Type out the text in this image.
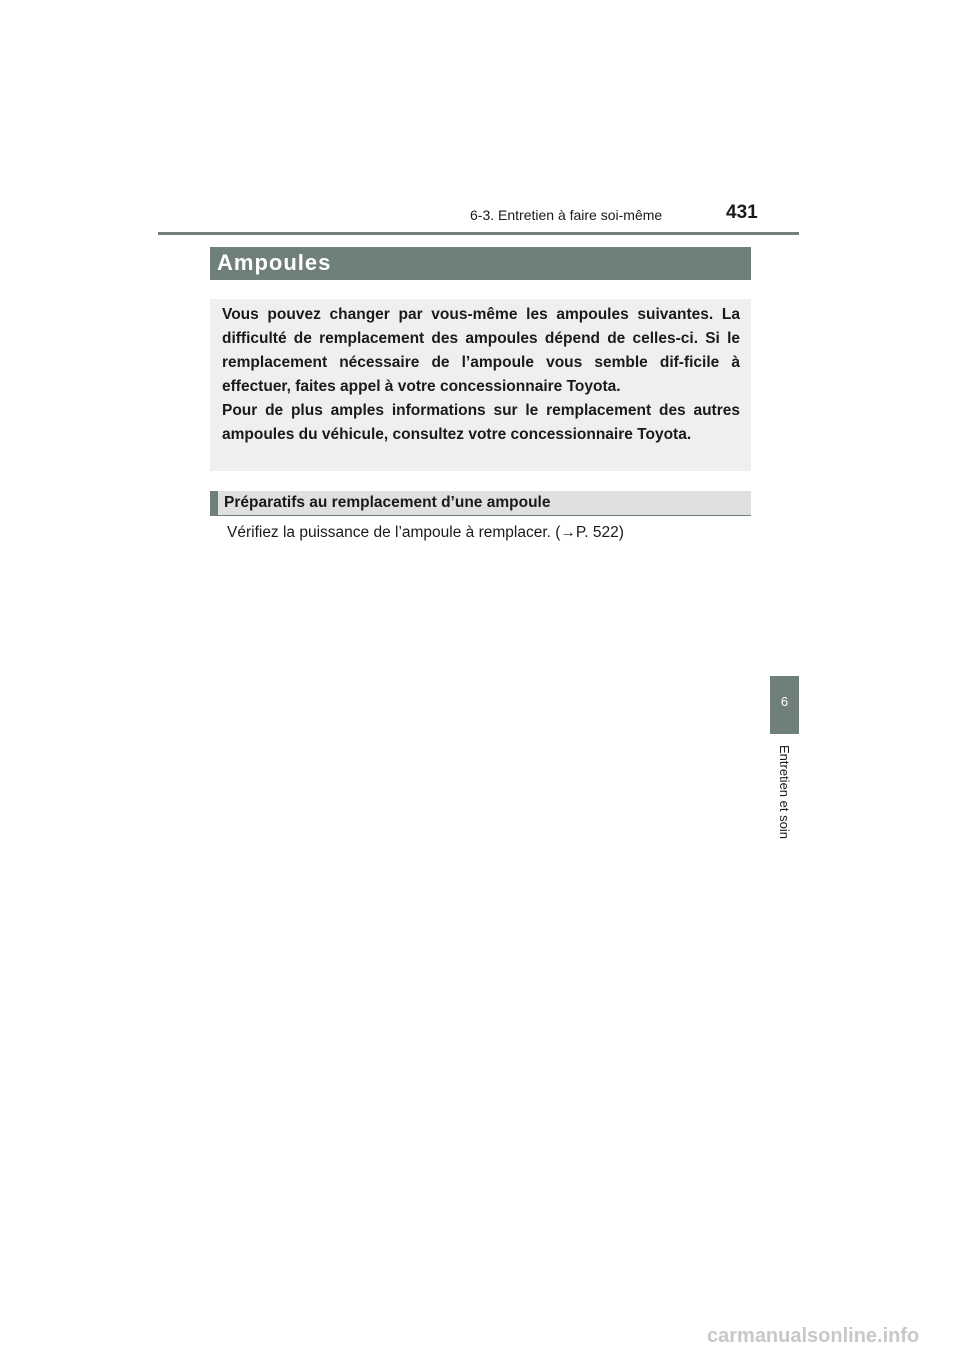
6-3. Entretien à faire soi-même	431
Ampoules

Vous pouvez changer par vous-même les ampoules suivantes. La difficulté de remplacement des ampoules dépend de celles-ci. Si le remplacement nécessaire de l’ampoule vous semble dif-ficile à effectuer, faites appel à votre concessionnaire Toyota.

Pour de plus amples informations sur le remplacement des autres ampoules du véhicule, consultez votre concessionnaire Toyota.

Préparatifs au remplacement d’une ampoule
Vérifiez la puissance de l’ampoule à remplacer. (→P. 522)
6
Entretien et soin
carmanualsonline.info
